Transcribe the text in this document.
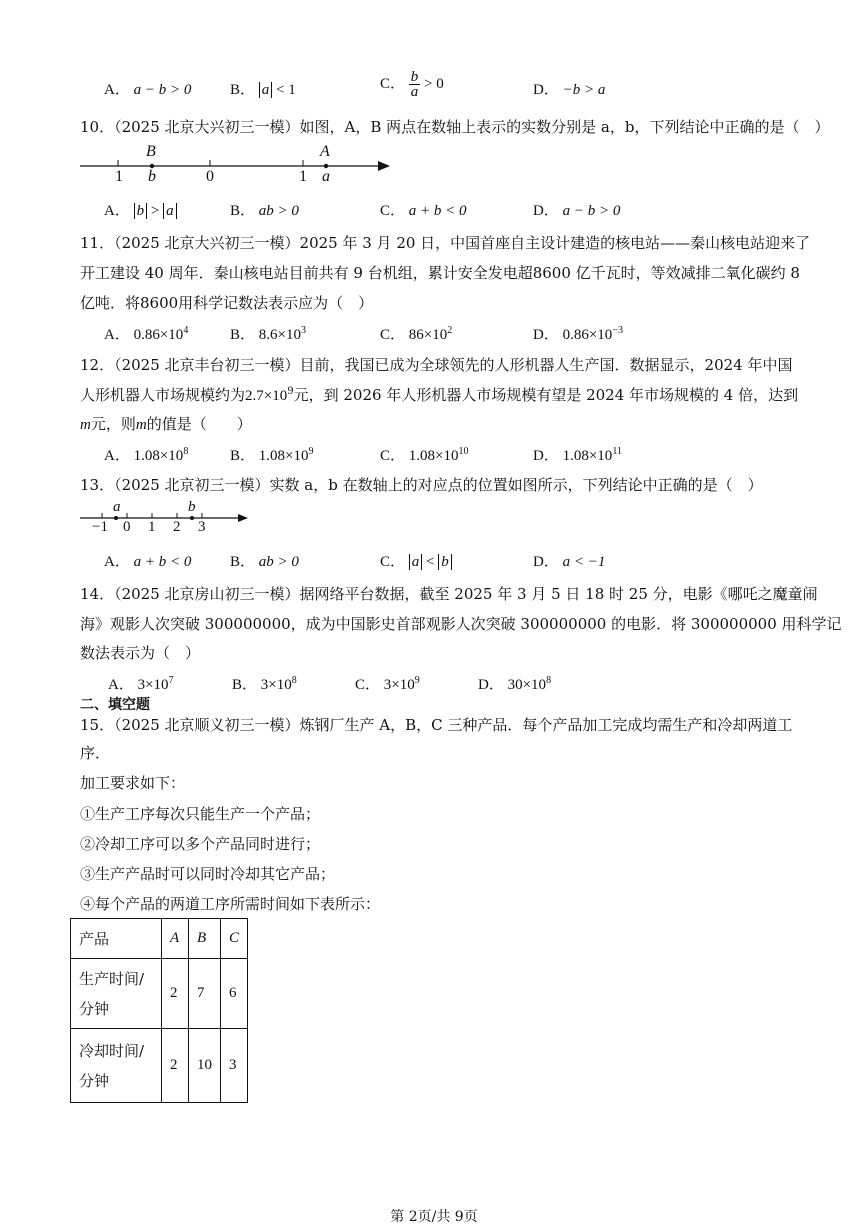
A． a − b > 0	B． a < 1	C． $\frac{b}{a} > 0$	D． −b > a
10．（2025 北京大兴初三一模）如图，A，B 两点在数轴上表示的实数分别是 a，b，下列结论中正确的是（　）
B	A
1 b	0	1 a
A． b > a	B． ab > 0	C． a + b < 0	D． a − b > 0
11．（2025 北京大兴初三一模）2025 年 3 月 20 日，中国首座自主设计建造的核电站——秦山核电站迎来了
开工建设 40 周年．秦山核电站目前共有 9 台机组，累计安全发电超8600 亿千瓦时，等效减排二氧化碳约 8
亿吨．将8600用科学记数法表示应为（　）
A． $0.86\times 10^4$	B． $8.6\times 10^3$	C． $86\times 10^2$	D． $0.86\times 10^{-3}$
12．（2025 北京丰台初三一模）目前，我国已成为全球领先的人形机器人生产国．数据显示，2024 年中国
人形机器人市场规模约为$2.7\times 10^9$元，到 2026 年人形机器人市场规模有望是 2024 年市场规模的 4 倍，达到
m元，则m的值是（　　）
A． $1.08\times 10^8$	B． $1.08\times 10^9$	C． $1.08\times 10^{10}$	D． $1.08\times 10^{11}$
13．（2025 北京初三一模）实数 a，b 在数轴上的对应点的位置如图所示，下列结论中正确的是（　）
a	b
−1 0 1 2 3
A． a + b < 0	B． ab > 0	C． a < b	D． a < −1
14．（2025 北京房山初三一模）据网络平台数据，截至 2025 年 3 月 5 日 18 时 25 分，电影《哪吒之魔童闹
海》观影人次突破 300000000，成为中国影史首部观影人次突破 300000000 的电影．将 300000000 用科学记
数法表示为（　）
A． $3\times 10^7$	B． $3\times 10^8$	C． $3\times 10^9$	D． $30\times 10^8$
二、填空题
15．（2025 北京顺义初三一模）炼钢厂生产 A，B，C 三种产品．每个产品加工完成均需生产和冷却两道工
序．
加工要求如下：
①生产工序每次只能生产一个产品；
②冷却工序可以多个产品同时进行；
③生产产品时可以同时冷却其它产品；
④每个产品的两道工序所需时间如下表所示：
产品	A	B	C
生产时间/
分钟	2	7	6
冷却时间/
分钟	2	10	3
第 2页/共 9页
